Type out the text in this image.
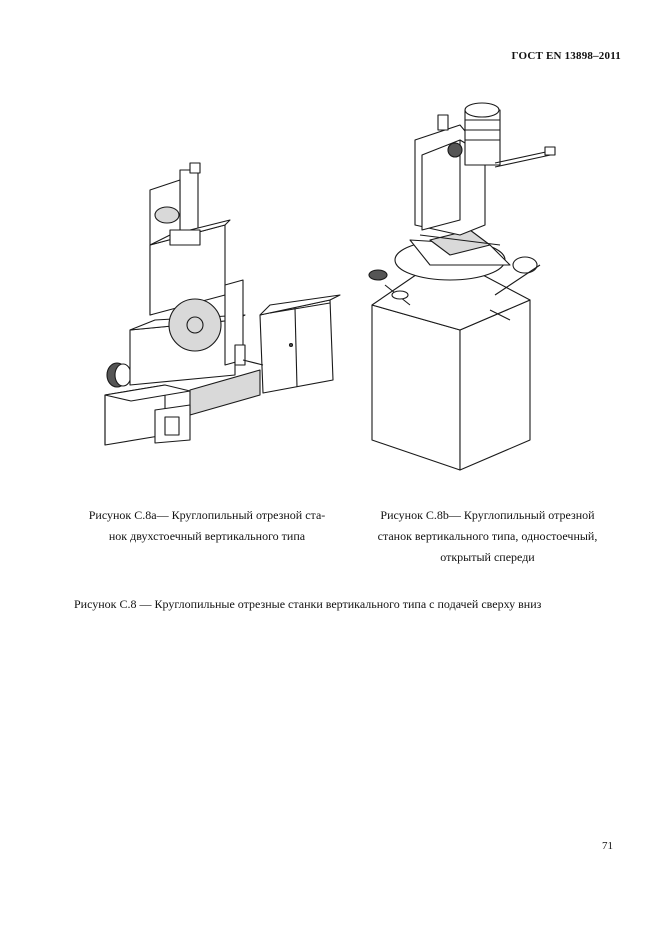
ГОСТ EN 13898–2011
Рисунок С.8a— Круглопильный отрезной ста-
нок двухстоечный вертикального типа
Рисунок С.8b— Круглопильный отрезной
станок вертикального типа, одностоечный,
открытый спереди
Рисунок С.8 — Круглопильные отрезные станки вертикального типа с подачей сверху вниз
71
